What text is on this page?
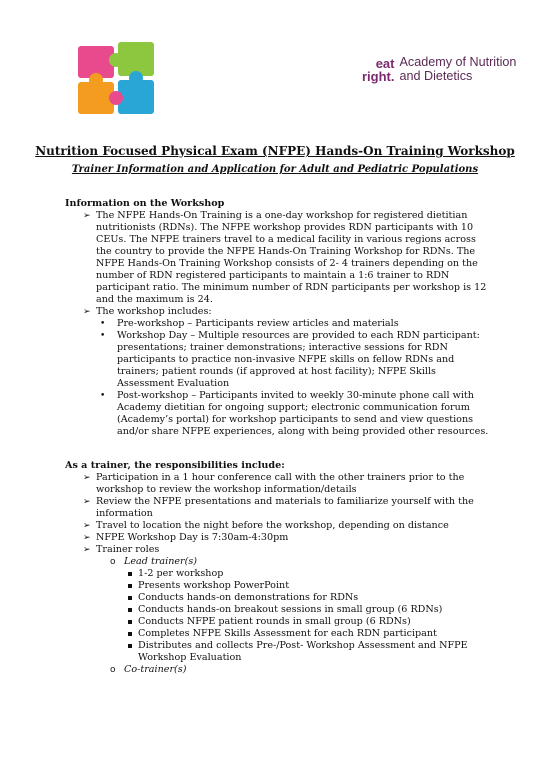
eat
right.
Academy of Nutrition
and Dietetics
Nutrition Focused Physical Exam (NFPE) Hands-On Training Workshop
Trainer Information and Application for Adult and Pediatric Populations

Information on the Workshop

➢ The NFPE Hands-On Training is a one-day workshop for registered dietitian nutritionists (RDNs). The NFPE workshop provides RDN participants with 10 CEUs. The NFPE trainers travel to a medical facility in various regions across the country to provide the NFPE Hands-On Training Workshop for RDNs. The NFPE Hands-On Training Workshop consists of 2- 4 trainers depending on the number of RDN registered participants to maintain a 1:6 trainer to RDN participant ratio. The minimum number of RDN participants per workshop is 12 and the maximum is 24.
➢ The workshop includes:
• Pre-workshop – Participants review articles and materials
• Workshop Day – Multiple resources are provided to each RDN participant: presentations; trainer demonstrations; interactive sessions for RDN participants to practice non-invasive NFPE skills on fellow RDNs and trainers; patient rounds (if approved at host facility); NFPE Skills Assessment Evaluation
• Post-workshop – Participants invited to weekly 30-minute phone call with Academy dietitian for ongoing support; electronic communication forum (Academy’s portal) for workshop participants to send and view questions and/or share NFPE experiences, along with being provided other resources.

As a trainer, the responsibilities include:

➢ Participation in a 1 hour conference call with the other trainers prior to the workshop to review the workshop information/details
➢ Review the NFPE presentations and materials to familiarize yourself with the information
➢ Travel to location the night before the workshop, depending on distance
➢ NFPE Workshop Day is 7:30am-4:30pm
➢ Trainer roles
o Lead trainer(s)
1-2 per workshop
Presents workshop PowerPoint
Conducts hands-on demonstrations for RDNs
Conducts hands-on breakout sessions in small group (6 RDNs)
Conducts NFPE patient rounds in small group (6 RDNs)
Completes NFPE Skills Assessment for each RDN participant
Distributes and collects Pre-/Post- Workshop Assessment and NFPE Workshop Evaluation
o Co-trainer(s)
